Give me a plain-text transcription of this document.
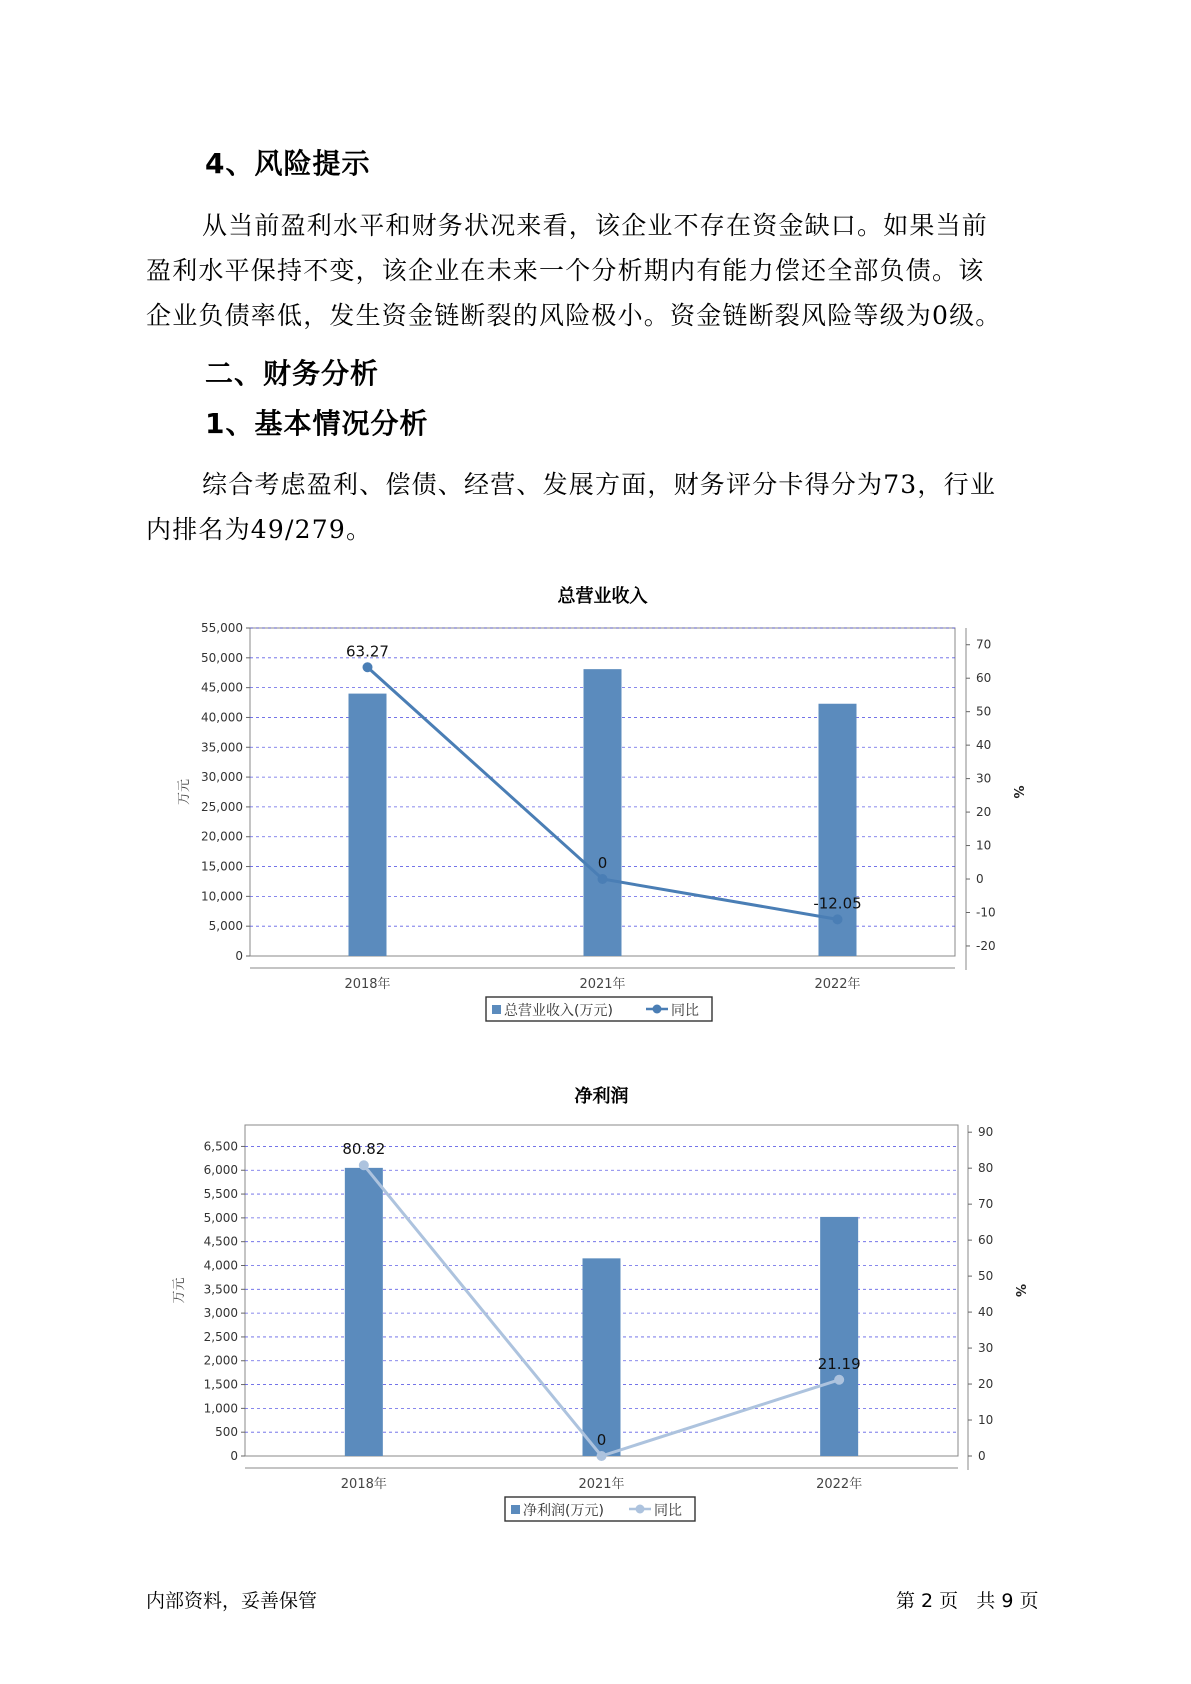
4、风险提示
从当前盈利水平和财务状况来看，该企业不存在资金缺口。如果当前
盈利水平保持不变，该企业在未来一个分析期内有能力偿还全部负债。该
企业负债率低，发生资金链断裂的风险极小。资金链断裂风险等级为0级。
二、财务分析
1、基本情况分析
综合考虑盈利、偿债、经营、发展方面，财务评分卡得分为73，行业
内排名为49/279。
总营业收入
0
5,000
10,000
15,000
20,000
25,000
30,000
35,000
40,000
45,000
50,000
55,000
-20
-10
0
10
20
30
40
50
60
70
万元	%
2018年	2021年	2022年
63.27
0
-12.05
总营业收入(万元)	同比
净利润
0
500
1,000
1,500
2,000
2,500
3,000
3,500
4,000
4,500
5,000
5,500
6,000
6,500
0
10
20
30
40
50
60
70
80
90
万元	%
2018年	2021年	2022年
80.82
0
21.19
净利润(万元)	同比
内部资料，妥善保管	第 2 页   共 9 页
